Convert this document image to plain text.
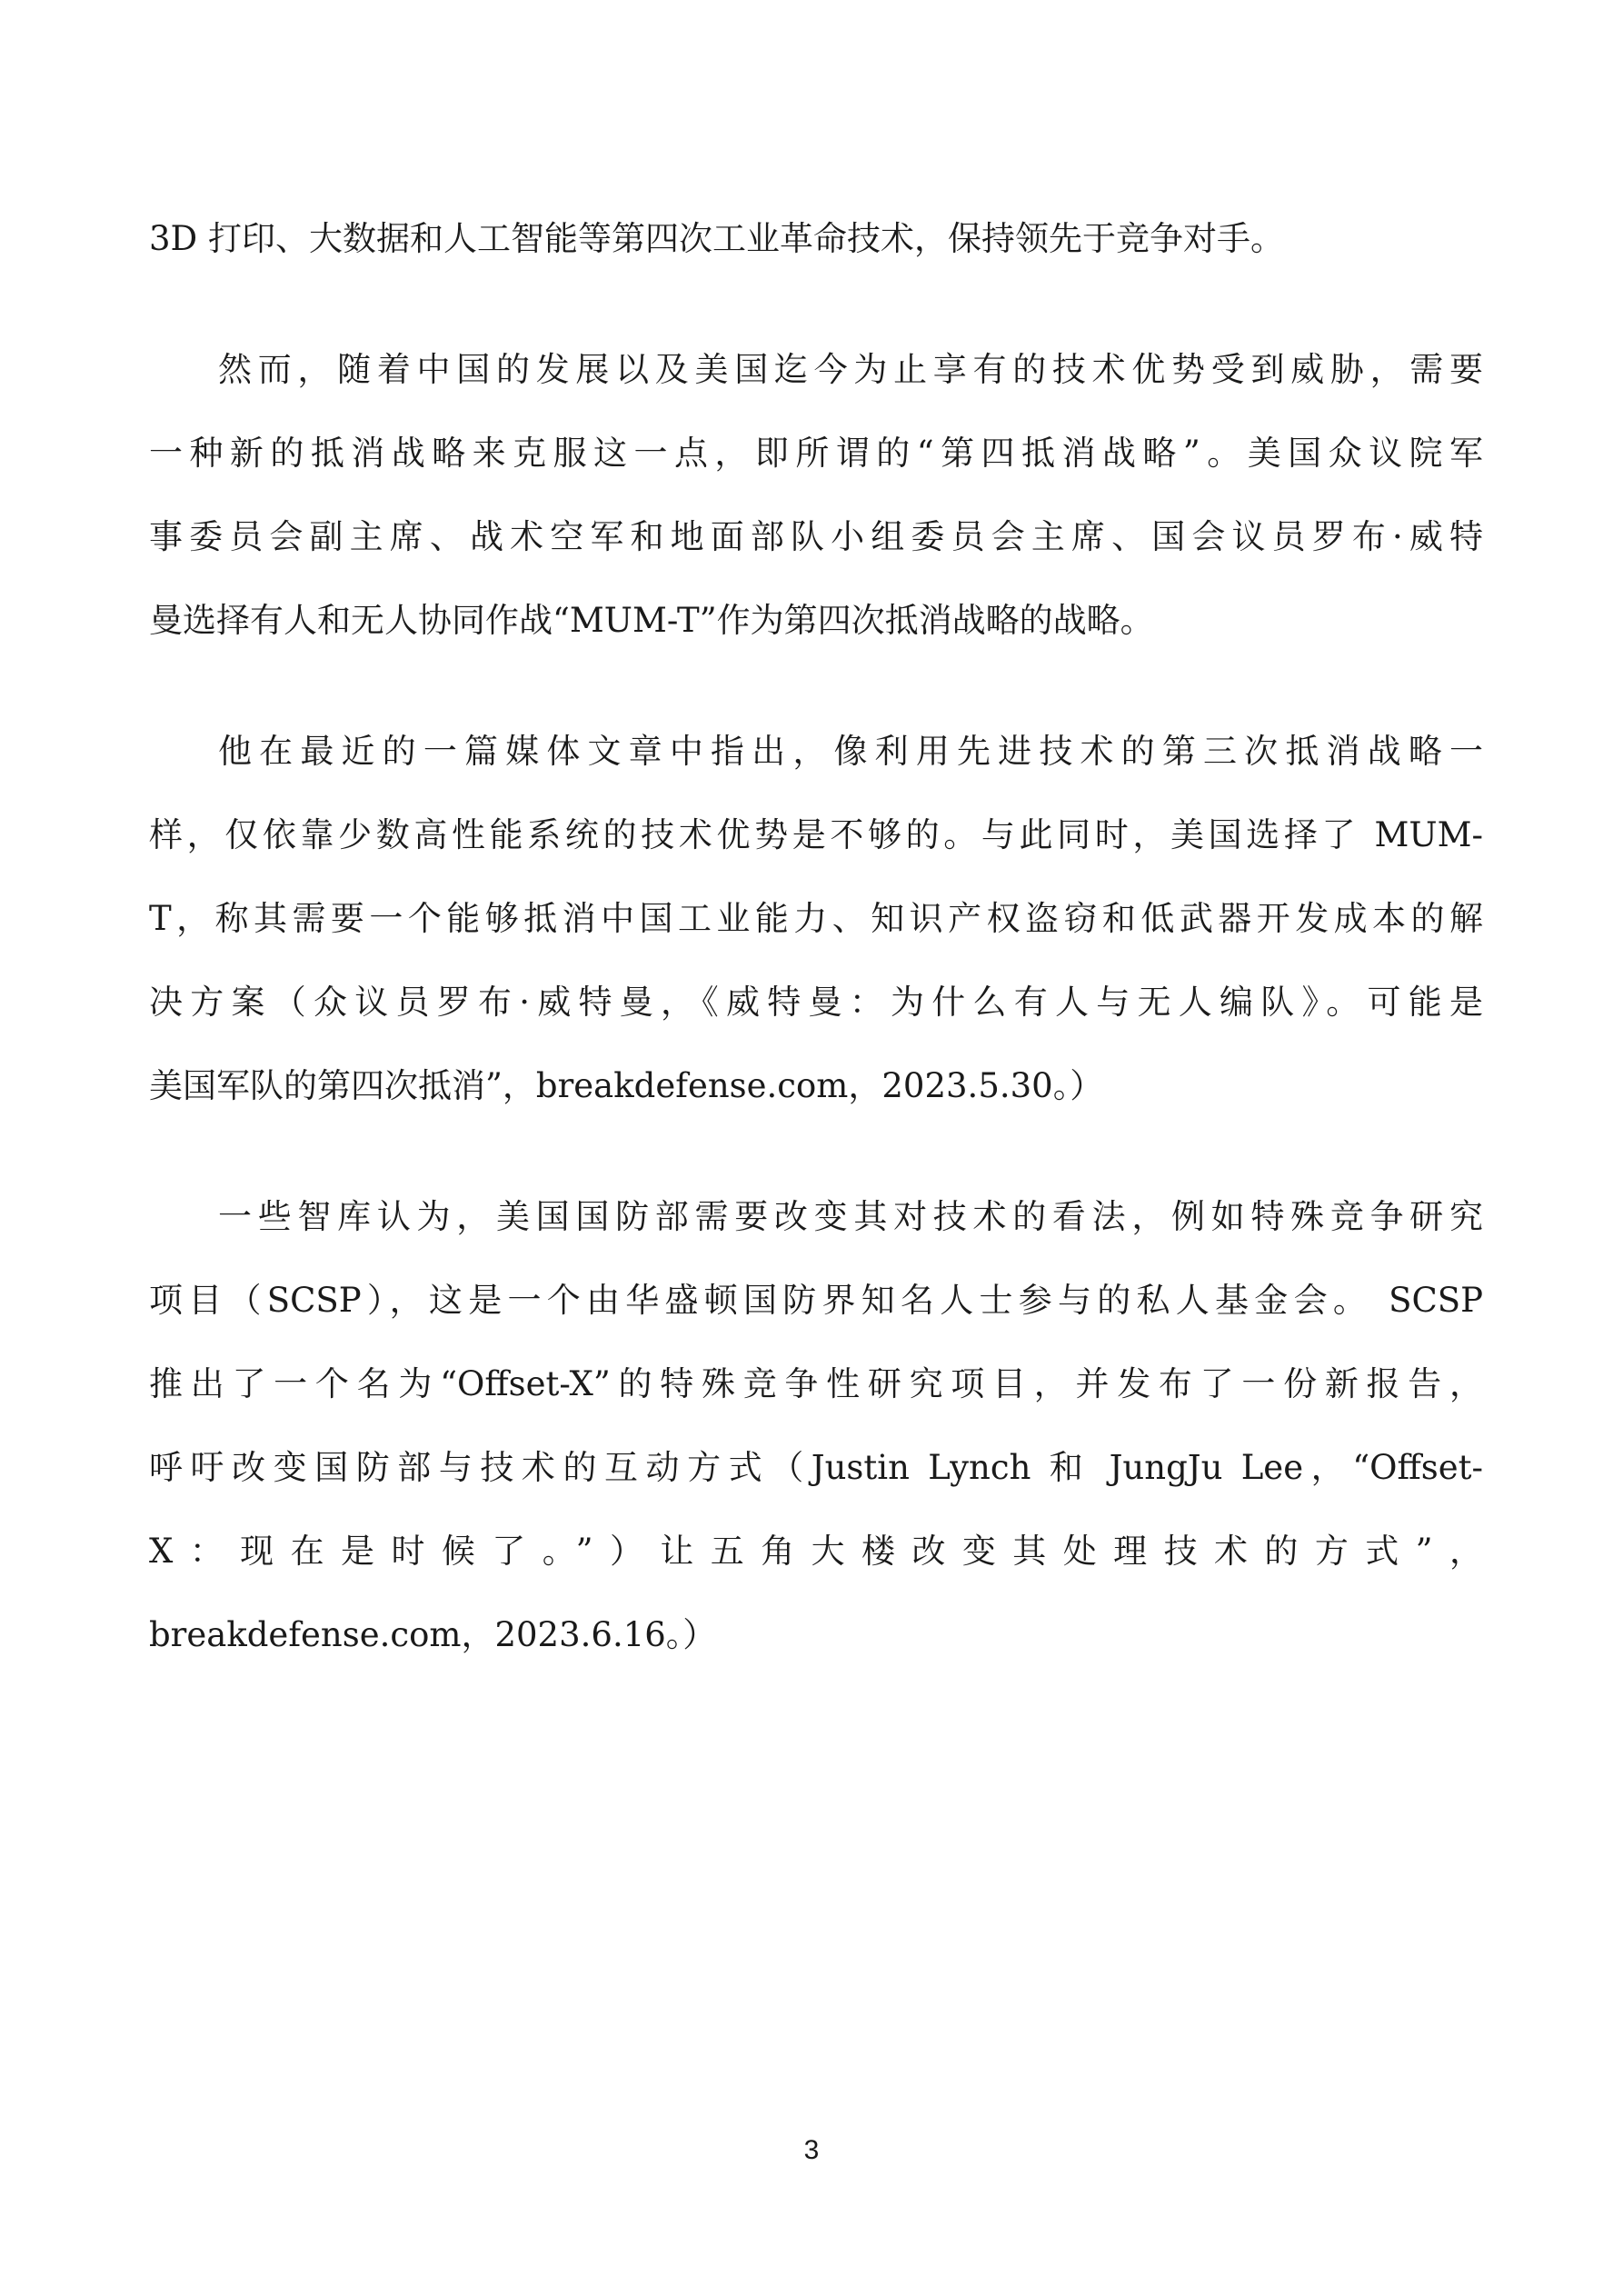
3D 打印、大数据和人工智能等第四次工业革命技术，保持领先于竞争对手。
然而，随着中国的发展以及美国迄今为止享有的技术优势受到威胁，需要
一种新的抵消战略来克服这一点，即所谓的“第四抵消战略”。美国众议院军
事委员会副主席、战术空军和地面部队小组委员会主席、国会议员罗布·威特
曼选择有人和无人协同作战“MUM-T”作为第四次抵消战略的战略。
他在最近的一篇媒体文章中指出，像利用先进技术的第三次抵消战略一
样，仅依靠少数高性能系统的技术优势是不够的。与此同时，美国选择了 MUM-
T，称其需要一个能够抵消中国工业能力、知识产权盗窃和低武器开发成本的解
决方案（众议员罗布·威特曼，《威特曼：为什么有人与无人编队》。可能是
美国军队的第四次抵消”，breakdefense.com，2023.5.30。）
一些智库认为，美国国防部需要改变其对技术的看法，例如特殊竞争研究
项目（SCSP），这是一个由华盛顿国防界知名人士参与的私人基金会。 SCSP
推出了一个名为“Offset-X”的特殊竞争性研究项目，并发布了一份新报告，
呼吁改变国防部与技术的互动方式（Justin Lynch 和 JungJu Lee，“Offset-
X：现在是时候了。”）让五角大楼改变其处理技术的方式”，
breakdefense.com，2023.6.16。）
3
